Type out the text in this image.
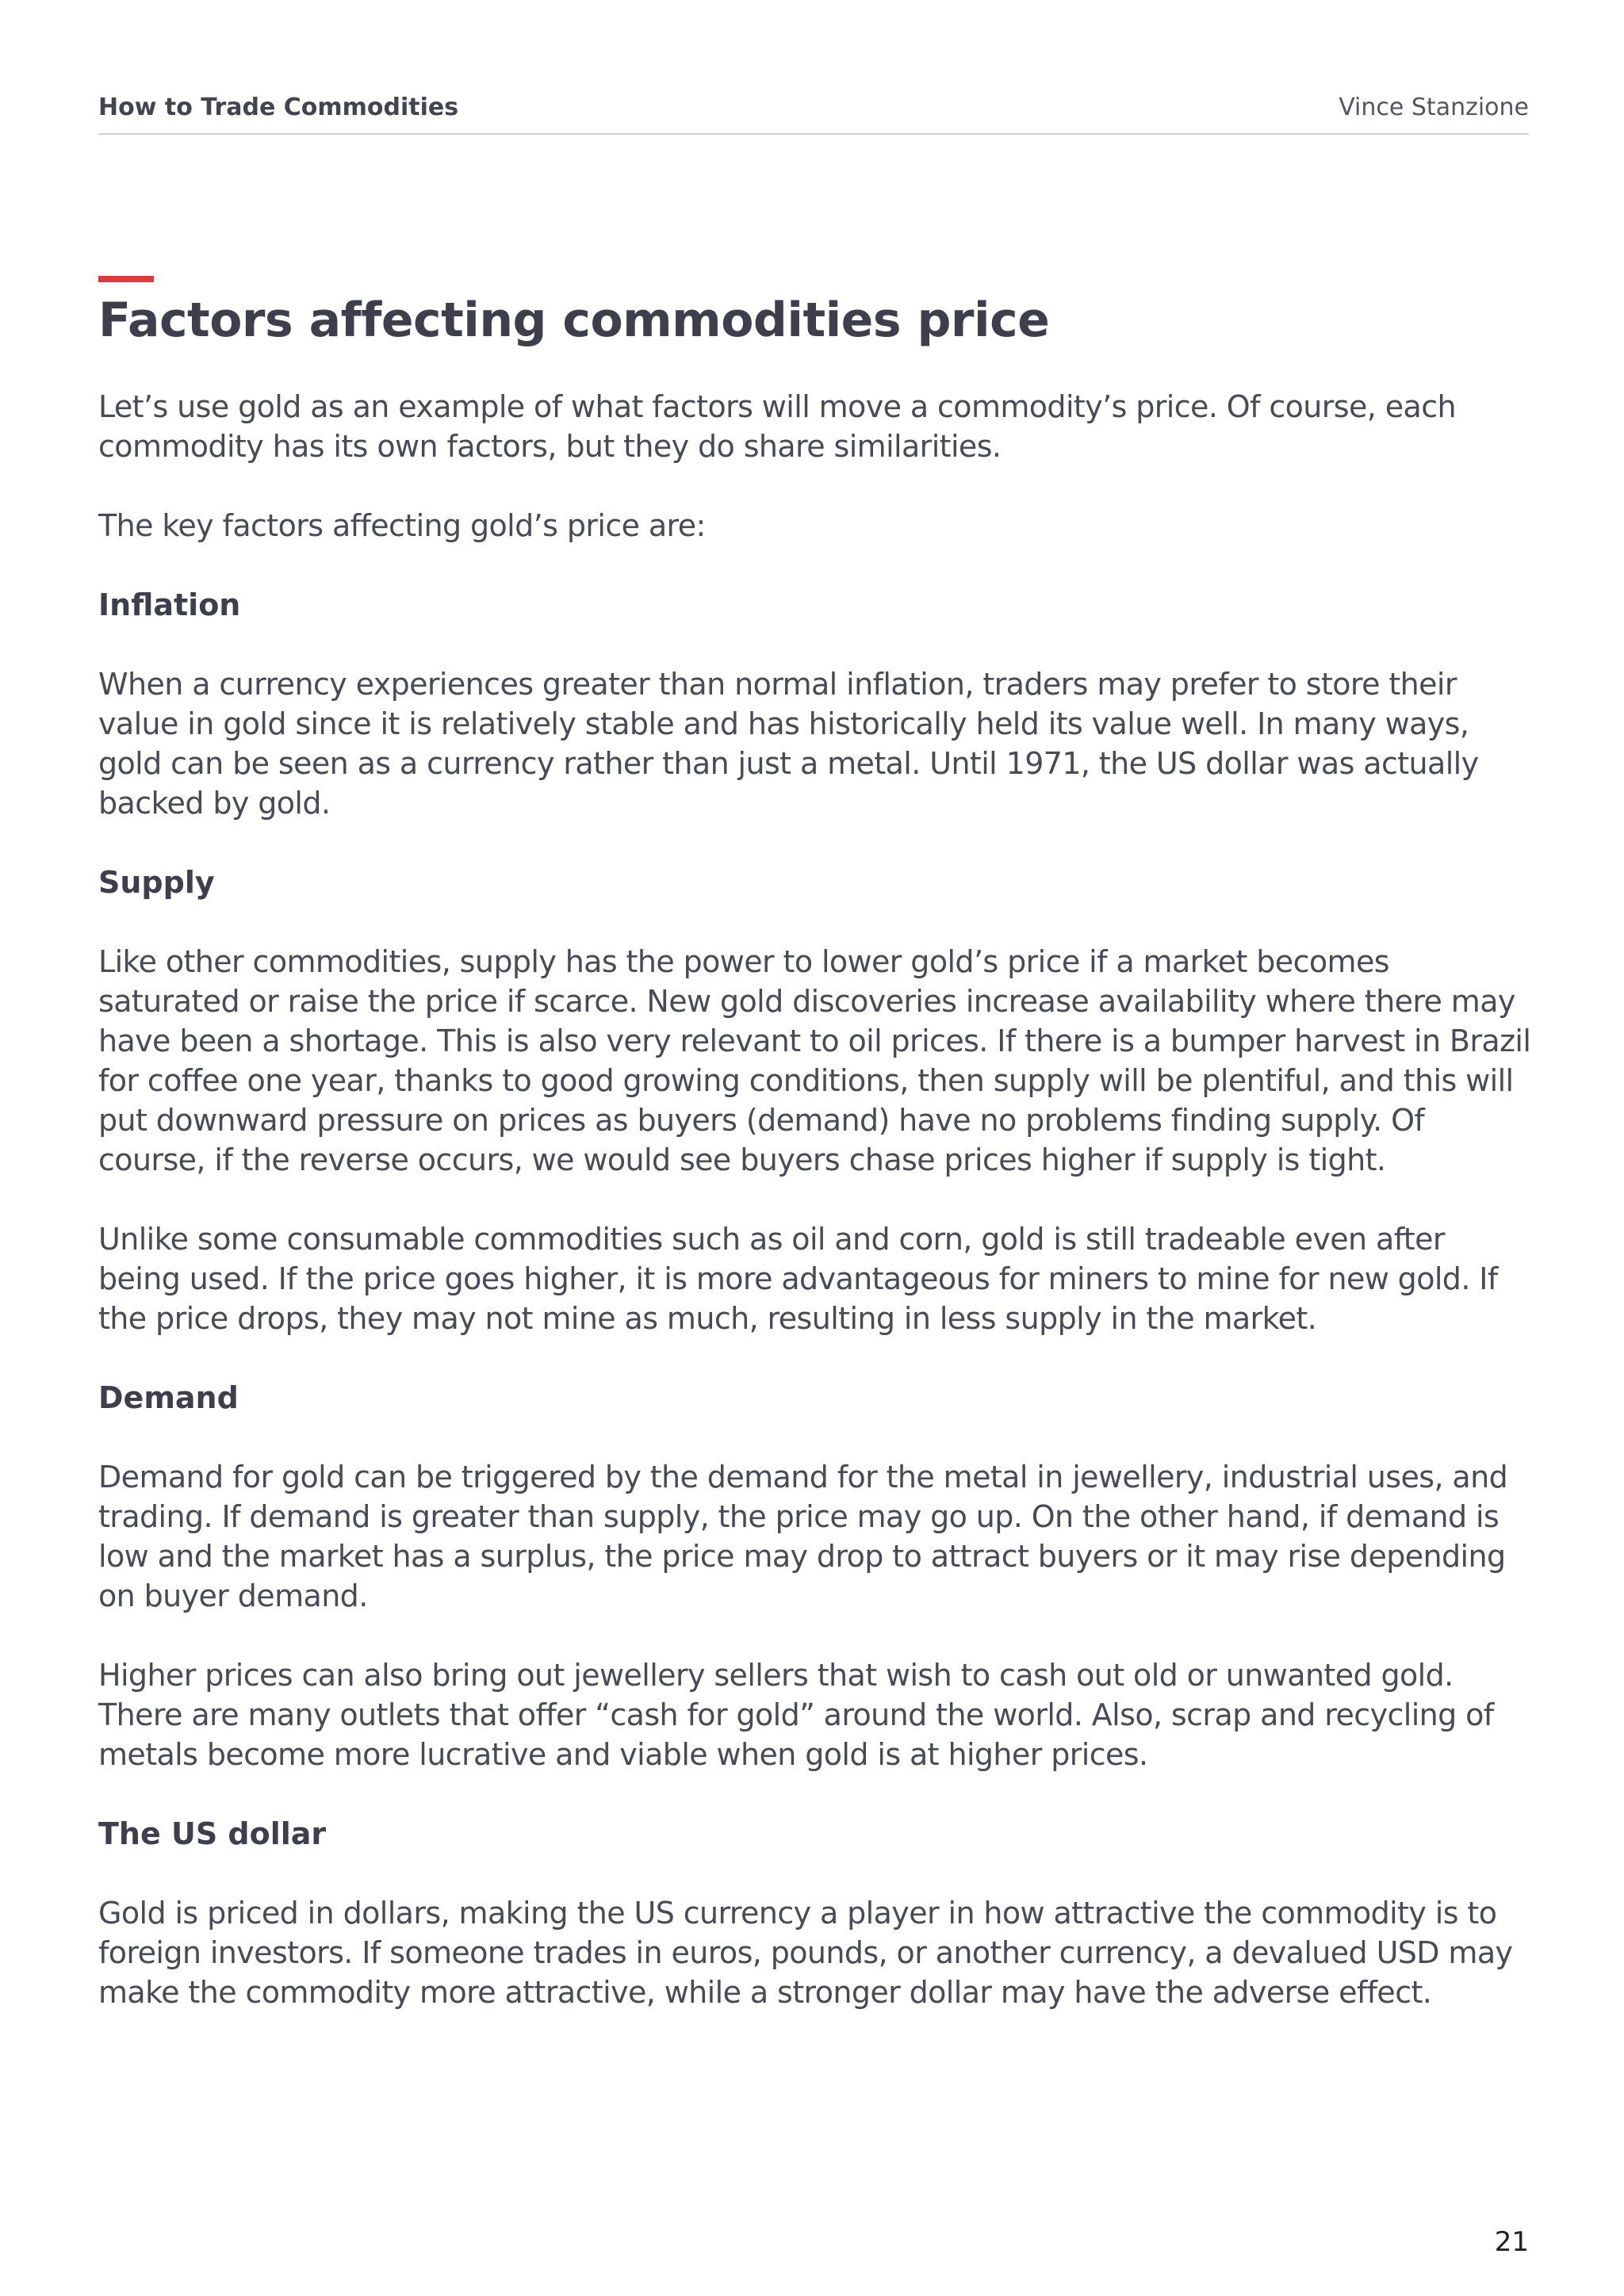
How to Trade Commodities	Vince Stanzione
Factors affecting commodities price

Let’s use gold as an example of what factors will move a commodity’s price. Of course, each commodity has its own factors, but they do share similarities.

The key factors affecting gold’s price are:

Inflation

When a currency experiences greater than normal inflation, traders may prefer to store their value in gold since it is relatively stable and has historically held its value well. In many ways, gold can be seen as a currency rather than just a metal. Until 1971, the US dollar was actually backed by gold.

Supply

Like other commodities, supply has the power to lower gold’s price if a market becomes saturated or raise the price if scarce. New gold discoveries increase availability where there may have been a shortage. This is also very relevant to oil prices. If there is a bumper harvest in Brazil for coffee one year, thanks to good growing conditions, then supply will be plentiful, and this will put downward pressure on prices as buyers (demand) have no problems finding supply. Of course, if the reverse occurs, we would see buyers chase prices higher if supply is tight.

Unlike some consumable commodities such as oil and corn, gold is still tradeable even after being used. If the price goes higher, it is more advantageous for miners to mine for new gold. If the price drops, they may not mine as much, resulting in less supply in the market.

Demand

Demand for gold can be triggered by the demand for the metal in jewellery, industrial uses, and trading. If demand is greater than supply, the price may go up. On the other hand, if demand is low and the market has a surplus, the price may drop to attract buyers or it may rise depending on buyer demand.

Higher prices can also bring out jewellery sellers that wish to cash out old or unwanted gold. There are many outlets that offer “cash for gold” around the world. Also, scrap and recycling of metals become more lucrative and viable when gold is at higher prices.

The US dollar

Gold is priced in dollars, making the US currency a player in how attractive the commodity is to foreign investors. If someone trades in euros, pounds, or another currency, a devalued USD may make the commodity more attractive, while a stronger dollar may have the adverse effect.

21
